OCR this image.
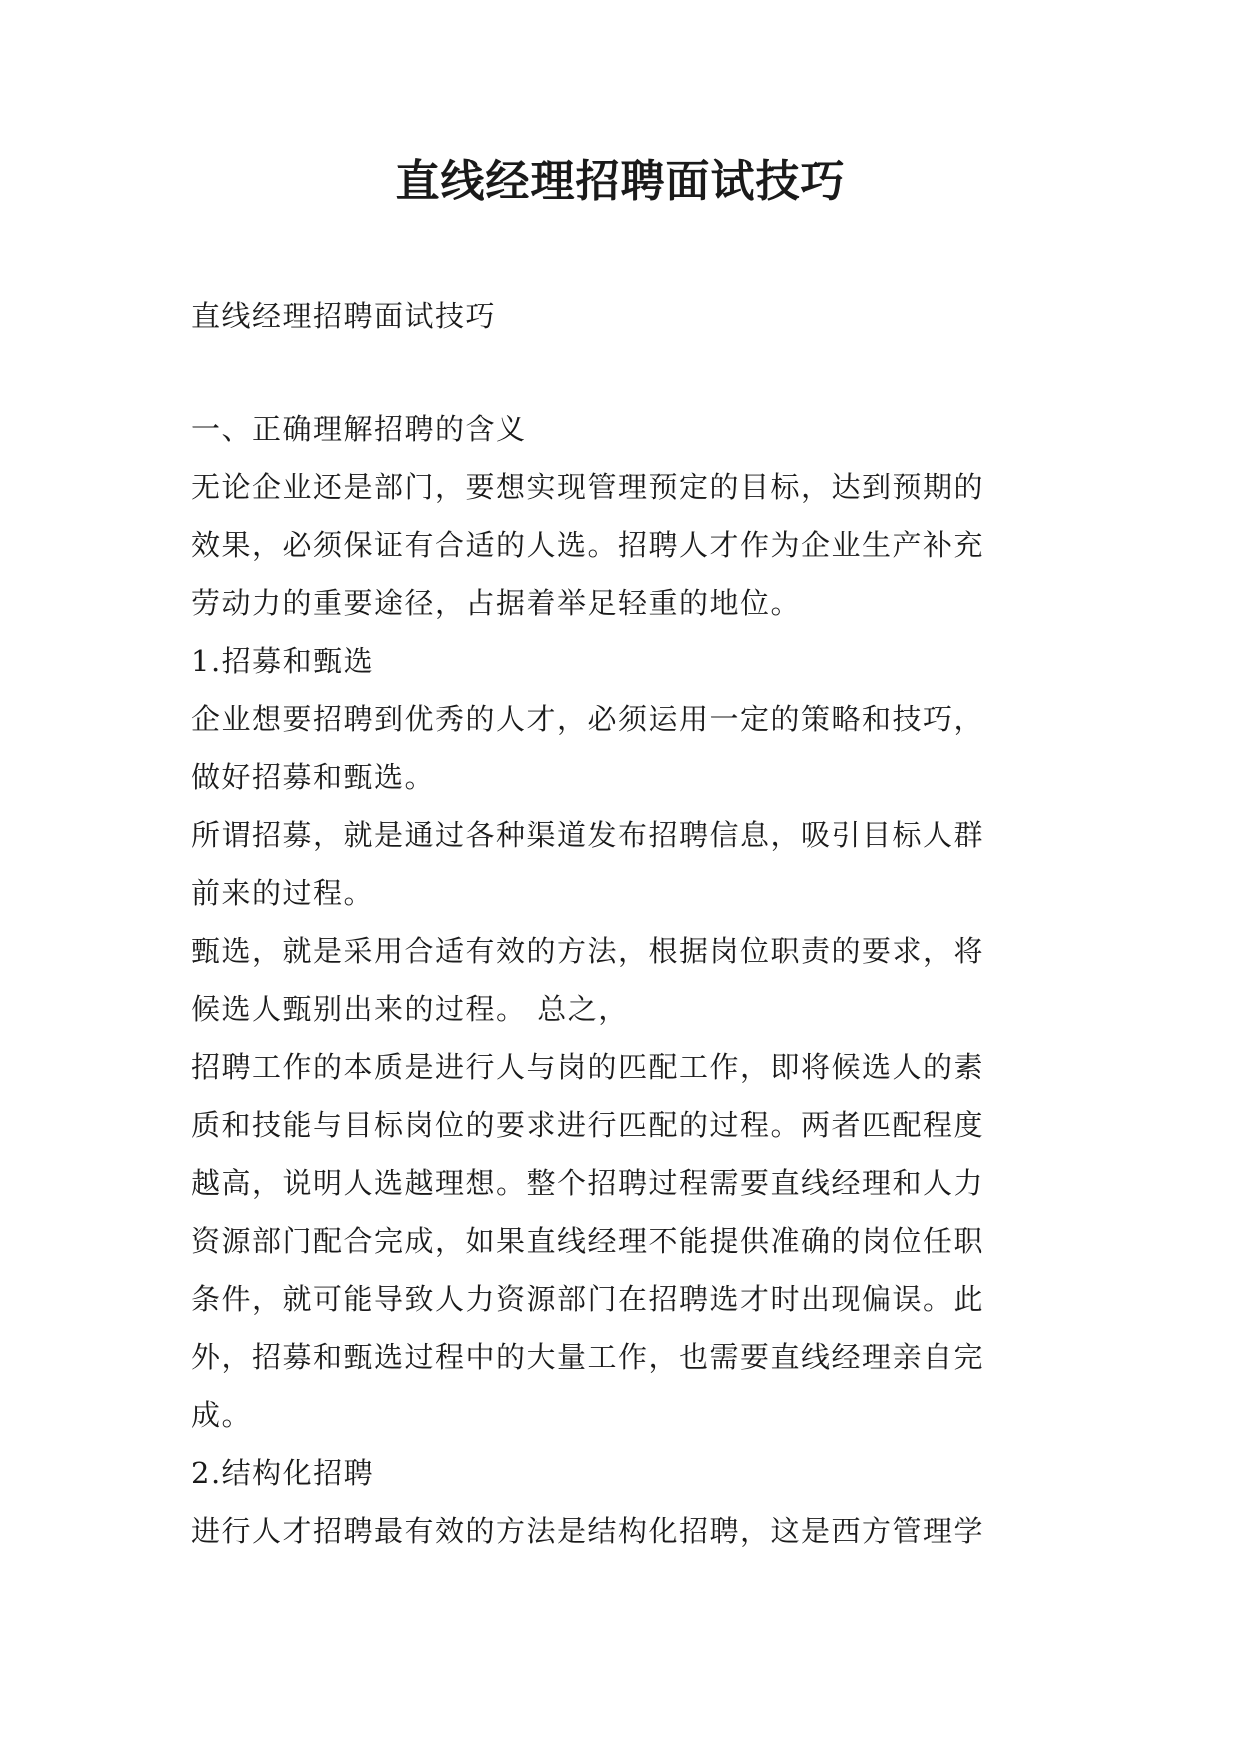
直线经理招聘面试技巧
直线经理招聘面试技巧
一、正确理解招聘的含义
无论企业还是部门，要想实现管理预定的目标，达到预期的
效果，必须保证有合适的人选。招聘人才作为企业生产补充
劳动力的重要途径，占据着举足轻重的地位。
1.招募和甄选
企业想要招聘到优秀的人才，必须运用一定的策略和技巧，
做好招募和甄选。
所谓招募，就是通过各种渠道发布招聘信息，吸引目标人群
前来的过程。
甄选，就是采用合适有效的方法，根据岗位职责的要求，将
候选人甄别出来的过程。 总之，
招聘工作的本质是进行人与岗的匹配工作，即将候选人的素
质和技能与目标岗位的要求进行匹配的过程。两者匹配程度
越高，说明人选越理想。整个招聘过程需要直线经理和人力
资源部门配合完成，如果直线经理不能提供准确的岗位任职
条件，就可能导致人力资源部门在招聘选才时出现偏误。此
外，招募和甄选过程中的大量工作，也需要直线经理亲自完
成。
2.结构化招聘
进行人才招聘最有效的方法是结构化招聘，这是西方管理学
